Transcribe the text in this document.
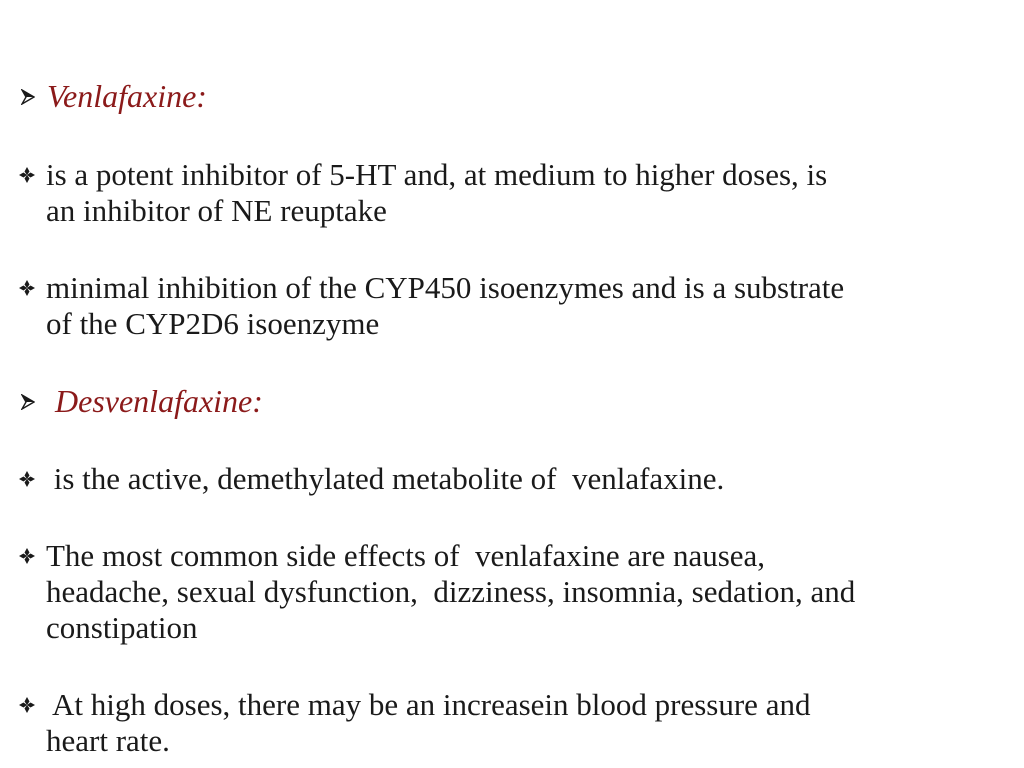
Venlafaxine:
is a potent inhibitor of 5-HT and, at medium to higher doses, is
an inhibitor of NE reuptake
minimal inhibition of the CYP450 isoenzymes and is a substrate
of the CYP2D6 isoenzyme
Desvenlafaxine:
is the active, demethylated metabolite of  venlafaxine.
The most common side effects of  venlafaxine are nausea,
headache, sexual dysfunction,  dizziness, insomnia, sedation, and
constipation
At high doses, there may be an increasein blood pressure and
heart rate.
